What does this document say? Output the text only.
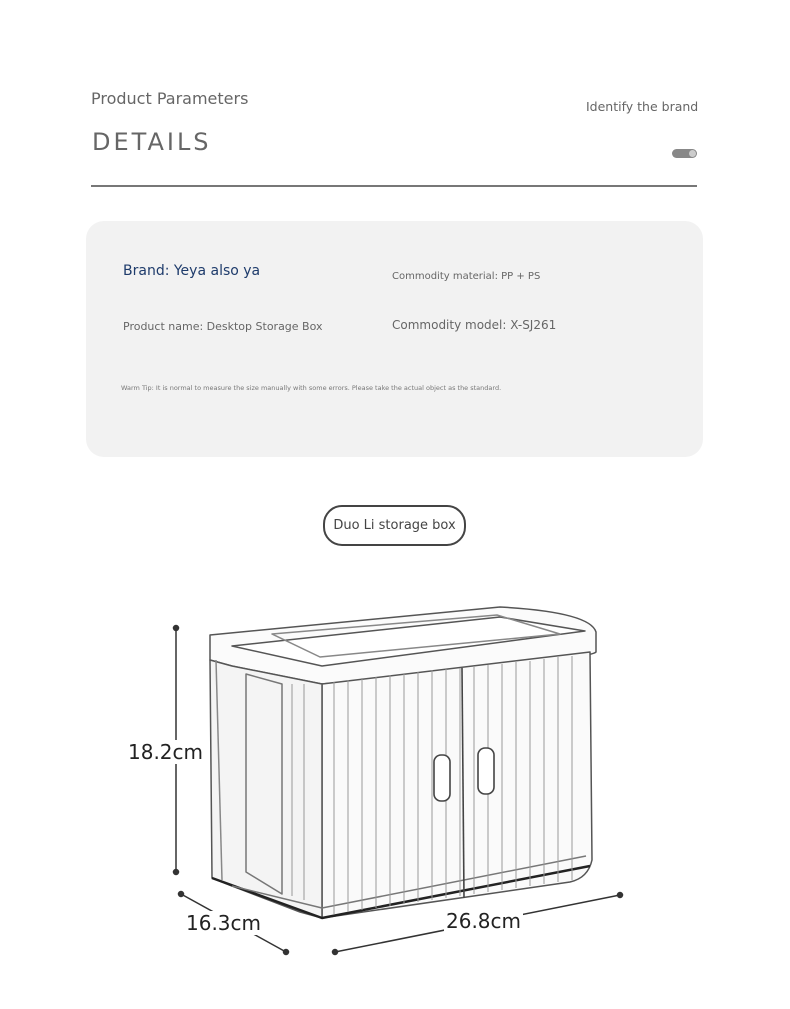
Product Parameters
DETAILS
Identify the brand
Brand: Yeya also ya	Commodity material: PP + PS
Product name: Desktop Storage Box	Commodity model: X-SJ261
Warm Tip: It is normal to measure the size manually with some errors. Please take the actual object as the standard.
Duo Li storage box
18.2cm
16.3cm	26.8cm
